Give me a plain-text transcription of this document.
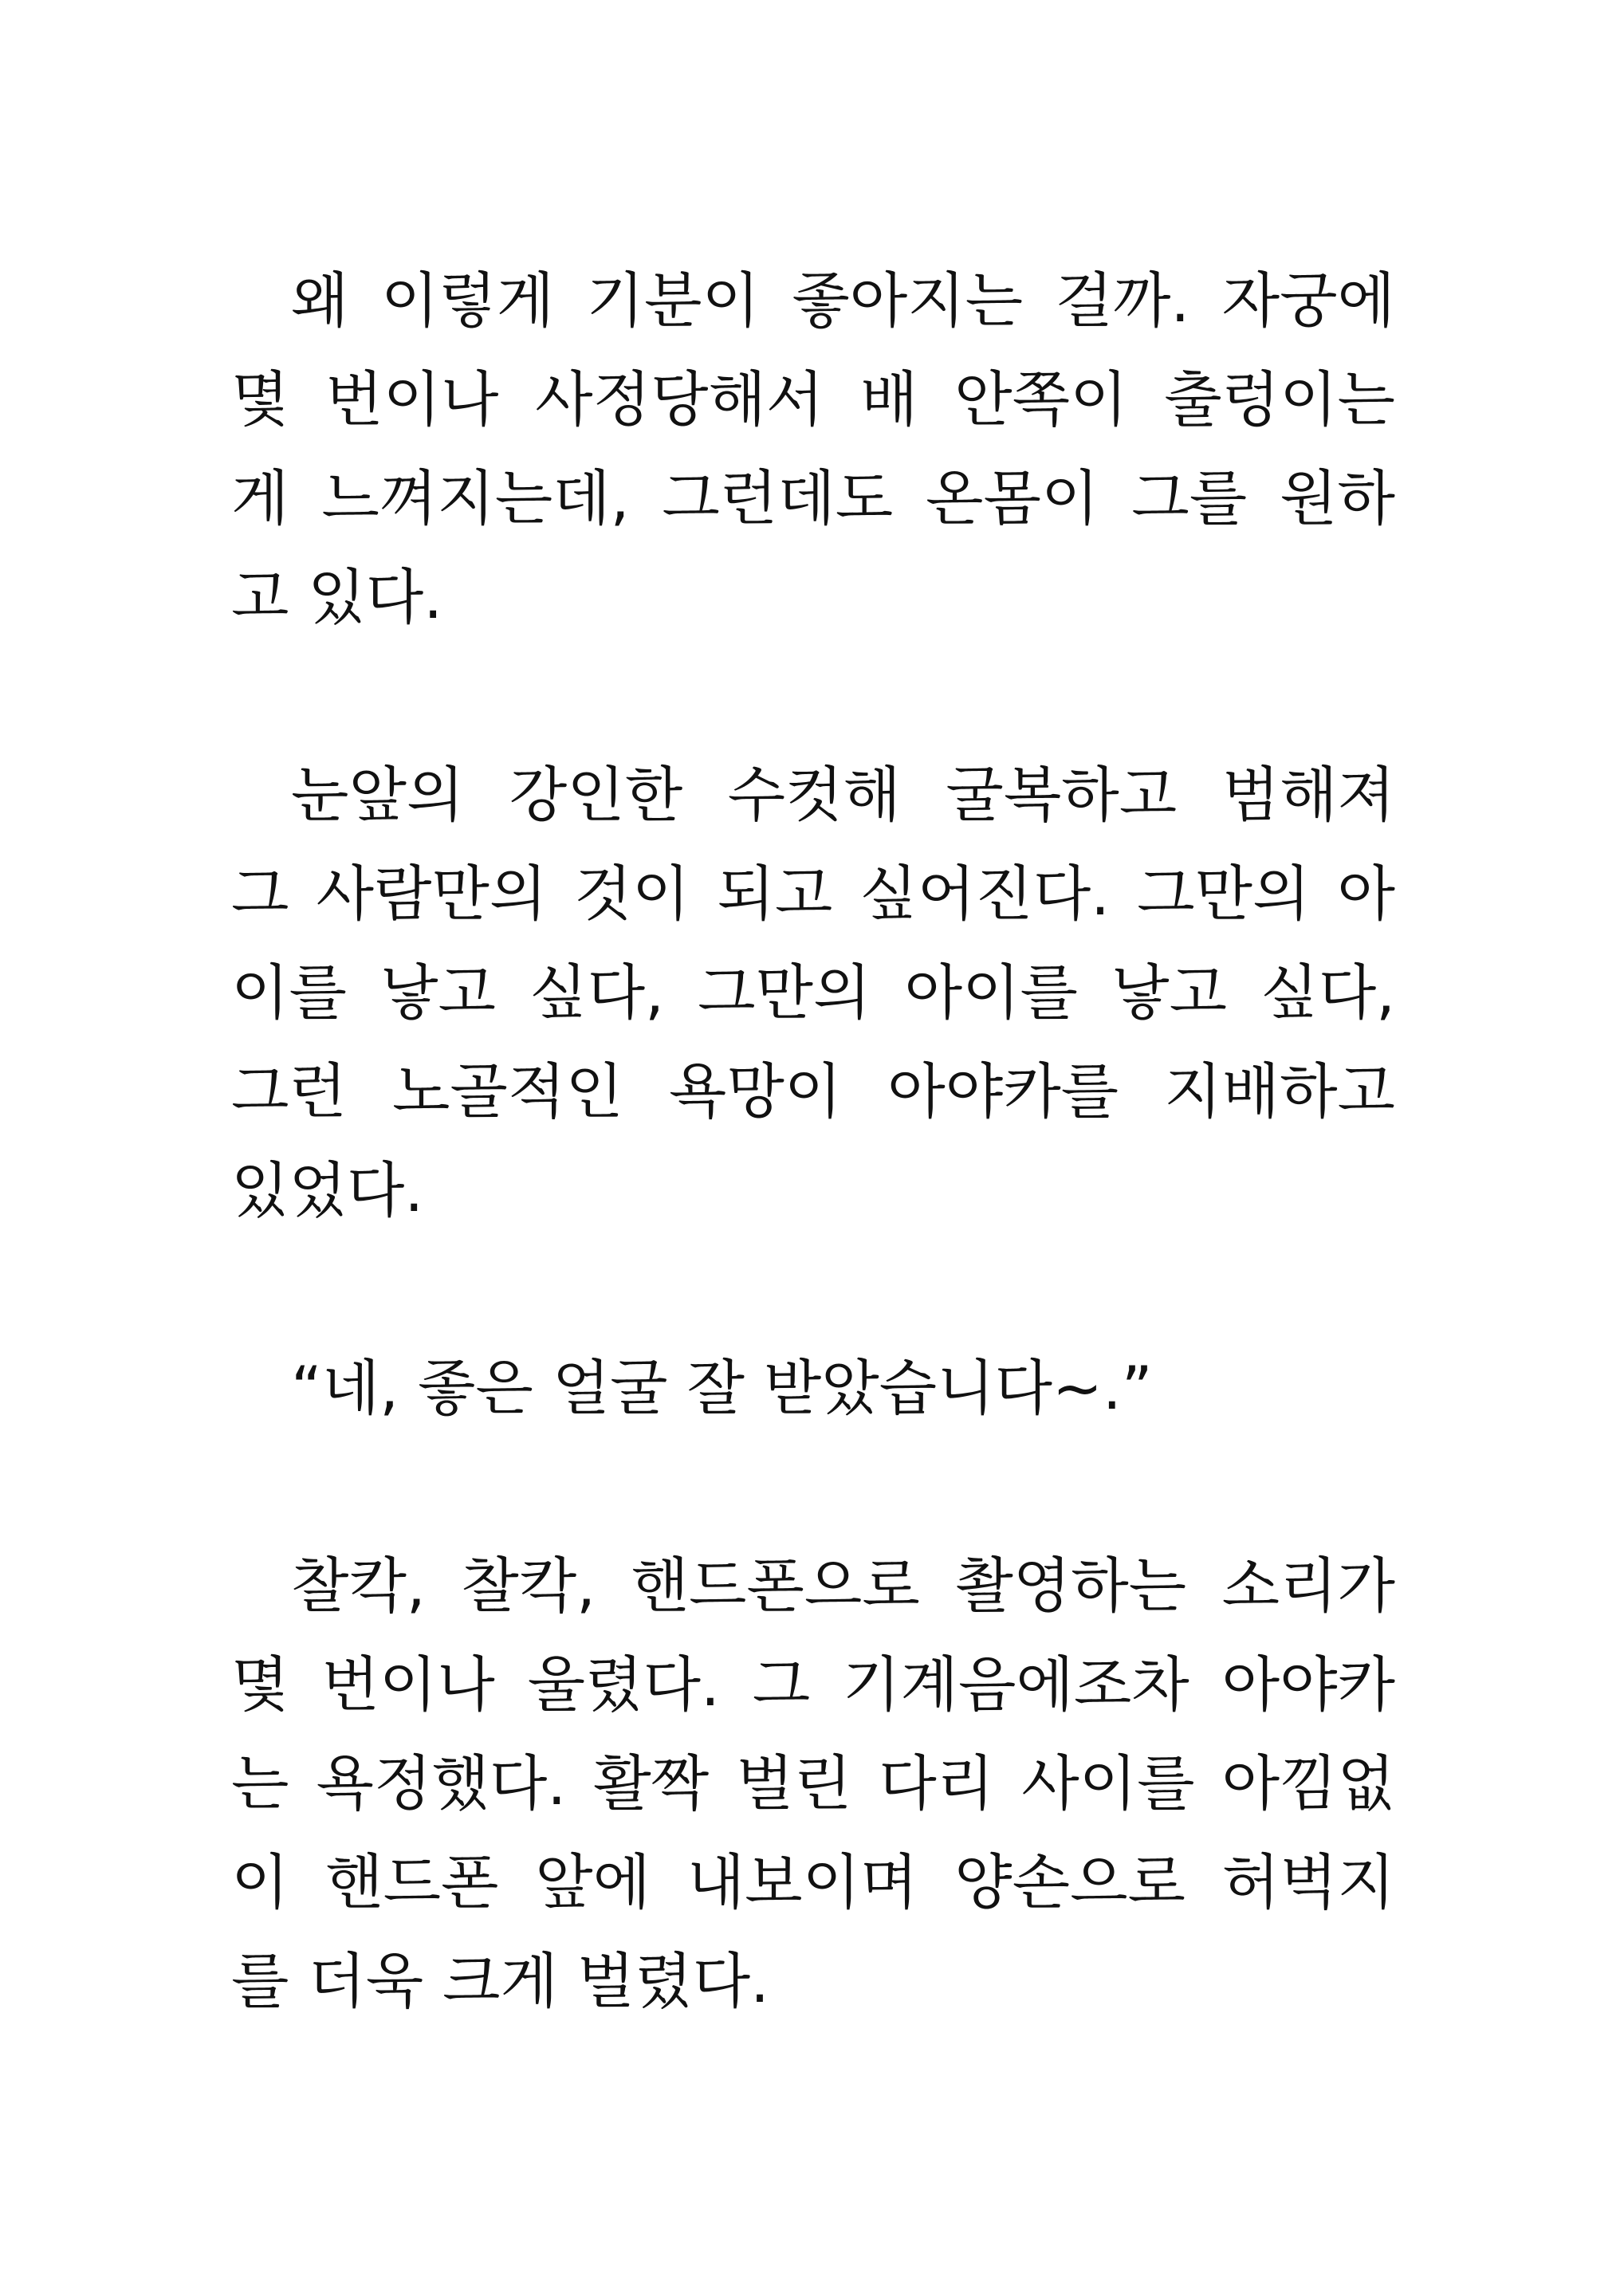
왜 이렇게 기분이 좋아지는 걸까. 자궁에
몇 번이나 사정당해서 배 안쪽이 출렁이는
게 느껴지는데, 그런데도 온몸이 그를 원하
고 있다.

눈앞의 강인한 수컷해 굴복하고 범해져
그 사람만의 것이 되고 싶어진다. 그만의 아
이를 낳고 싶다, 그만의 아이를 낳고 싶다,
그런 노골적인 욕망이 아야카를 지배하고
있었다.

“네, 좋은 얼굴 잘 받았습니다~.”

찰칵, 찰칵, 핸드폰으로 촬영하는 소리가
몇 번이나 울렸다. 그 기계음에조차 아야카
는 욕정했다. 활짝 벌린 다리 사이를 아낌없
이 핸드폰 앞에 내보이며 양손으로 허벅지
를 더욱 크게 벌렸다.
